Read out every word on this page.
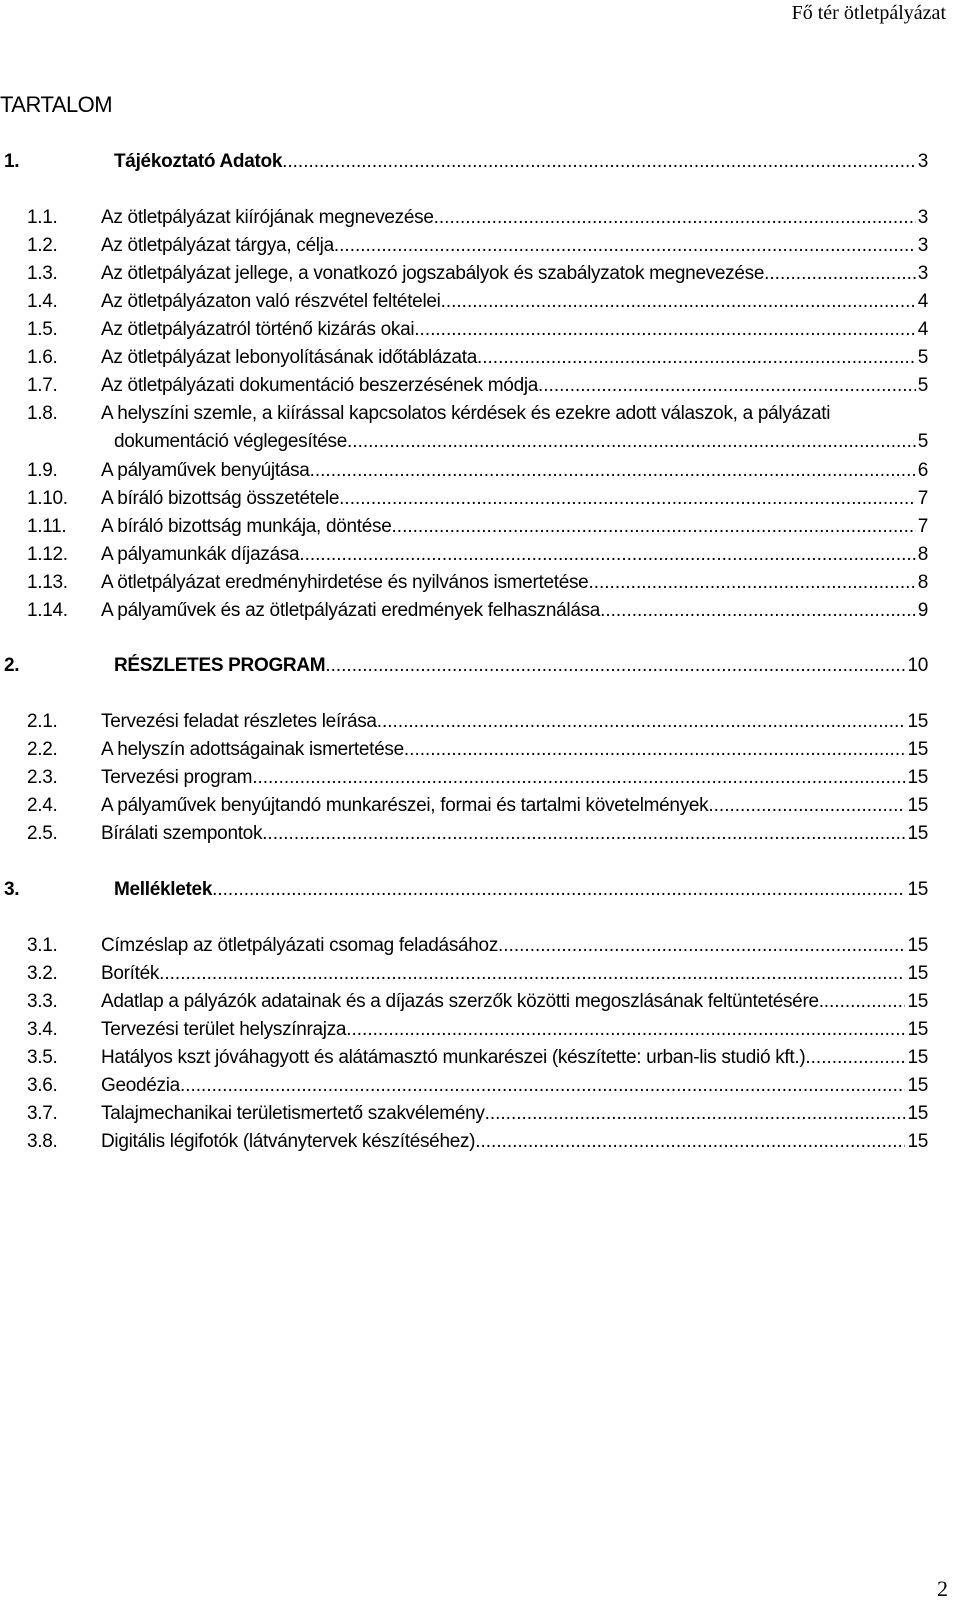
Fő tér ötletpályázat
TARTALOM
1.	Tájékoztató Adatok .....	3
1.1. Az ötletpályázat kiírójának megnevezése .....	3
1.2. Az ötletpályázat tárgya, célja .....	3
1.3. Az ötletpályázat jellege, a vonatkozó jogszabályok és szabályzatok megnevezése .....	3
1.4. Az ötletpályázaton való részvétel feltételei .....	4
1.5. Az ötletpályázatról történő kizárás okai .....	4
1.6. Az ötletpályázat lebonyolításának időtáblázata .....	5
1.7. Az ötletpályázati dokumentáció beszerzésének módja .....	5
1.8. A helyszíni szemle, a kiírással kapcsolatos kérdések és ezekre adott válaszok, a pályázati
dokumentáció véglegesítése .....	5
1.9. A pályaművek benyújtása .....	6
1.10. A bíráló bizottság összetétele .....	7
1.11. A bíráló bizottság munkája, döntése .....	7
1.12. A pályamunkák díjazása .....	8
1.13. A ötletpályázat eredményhirdetése és nyilvános ismertetése .....	8
1.14. A pályaművek és az ötletpályázati eredmények felhasználása .....	9
2.	RÉSZLETES PROGRAM .....	10
2.1. Tervezési feladat részletes leírása .....	15
2.2. A helyszín adottságainak ismertetése .....	15
2.3. Tervezési program .....	15
2.4. A pályaművek benyújtandó munkarészei, formai és tartalmi követelmények .....	15
2.5. Bírálati szempontok .....	15
3.	Mellékletek .....	15
3.1. Címzéslap az ötletpályázati csomag feladásához .....	15
3.2. Boríték .....	15
3.3. Adatlap a pályázók adatainak és a díjazás szerzők közötti megoszlásának feltüntetésére. .....	15
3.4. Tervezési terület helyszínrajza .....	15
3.5. Hatályos kszt jóváhagyott és alátámasztó munkarészei (készítette: urban-lis studió kft.) .....	15
3.6. Geodézia .....	15
3.7. Talajmechanikai területismertető szakvélemény .....	15
3.8. Digitális légifotók (látványtervek készítéséhez) .....	15
2
